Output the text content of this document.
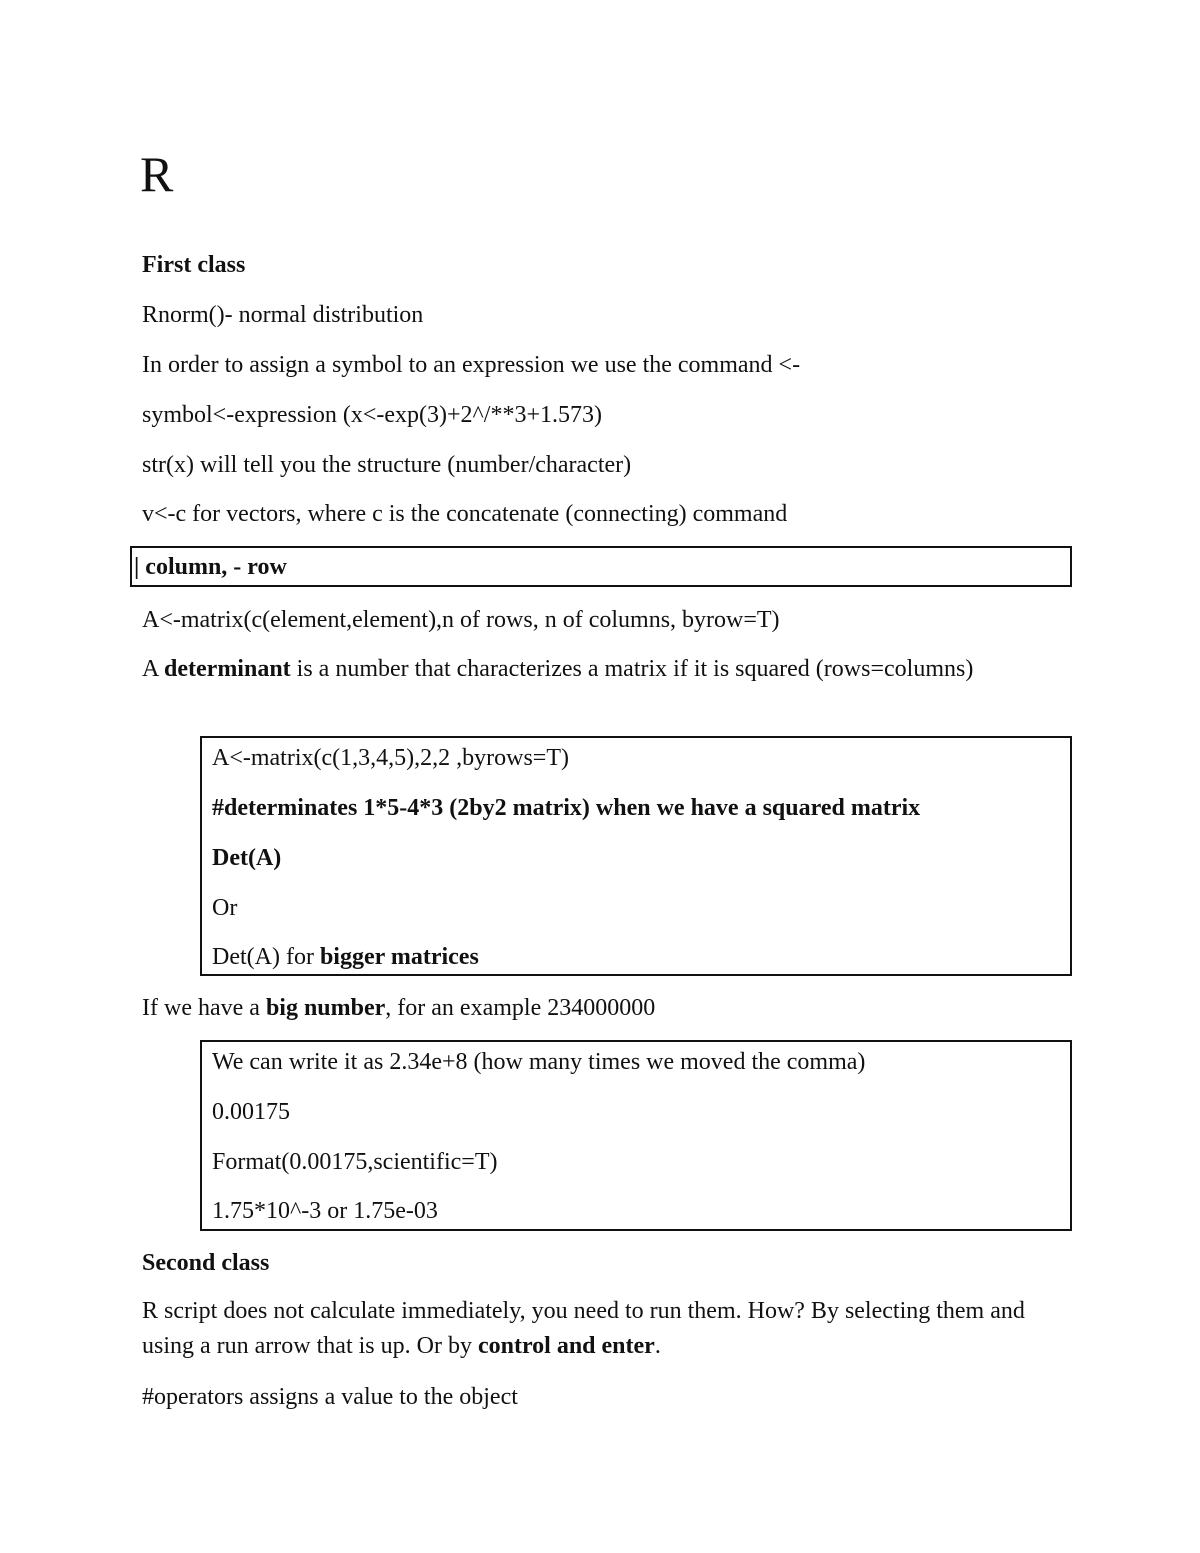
R
First class
Rnorm()- normal distribution
In order to assign a symbol to an expression we use the command <-
symbol<-expression (x<-exp(3)+2^/**3+1.573)
str(x) will tell you the structure (number/character)
v<-c for vectors, where c is the concatenate (connecting) command
| column, - row
A<-matrix(c(element,element),n of rows, n of columns, byrow=T)
A determinant is a number that characterizes a matrix if it is squared (rows=columns)
A<-matrix(c(1,3,4,5),2,2 ,byrows=T)
#determinates 1*5-4*3 (2by2 matrix) when we have a squared matrix
Det(A)
Or
Det(A) for bigger matrices
If we have a big number, for an example 234000000
We can write it as 2.34e+8 (how many times we moved the comma)
0.00175
Format(0.00175,scientific=T)
1.75*10^-3 or 1.75e-03
Second class
R script does not calculate immediately, you need to run them. How? By selecting them and using a run arrow that is up. Or by control and enter.
#operators assigns a value to the object
